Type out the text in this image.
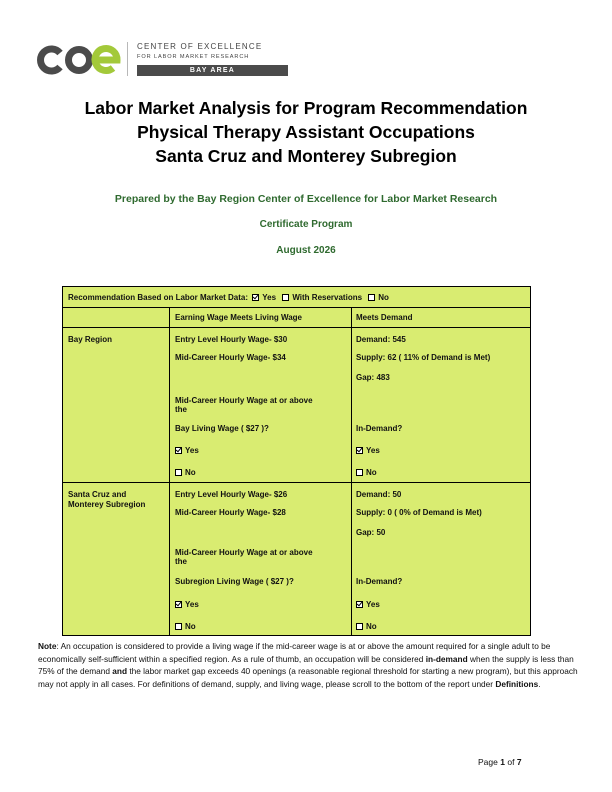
CENTER OF EXCELLENCE
FOR LABOR MARKET RESEARCH
BAY AREA
Labor Market Analysis for Program Recommendation
Physical Therapy Assistant Occupations
Santa Cruz and Monterey Subregion
Prepared by the Bay Region Center of Excellence for Labor Market Research
Certificate Program
August 2026
Recommendation Based on Labor Market Data: Yes With Reservations No
Earning Wage Meets Living Wage	Meets Demand
Bay Region	Entry Level Hourly Wage- $30
Mid-Career Hourly Wage- $34
Mid-Career Hourly Wage at or above
the
Bay Living Wage ( $27 )?
Yes
No
Demand: 545
Supply: 62 ( 11% of Demand is Met)
Gap: 483
In-Demand?
Yes
No
Santa Cruz and
Monterey Subregion
Entry Level Hourly Wage- $26
Mid-Career Hourly Wage- $28
Mid-Career Hourly Wage at or above
the
Subregion Living Wage ( $27 )?
Yes
No
Demand: 50
Supply: 0 ( 0% of Demand is Met)
Gap: 50
In-Demand?
Yes
No
Note: An occupation is considered to provide a living wage if the mid-career wage is at or above the amount required for a single adult to be economically self-sufficient within a specified region. As a rule of thumb, an occupation will be considered in-demand when the supply is less than 75% of the demand and the labor market gap exceeds 40 openings (a reasonable regional threshold for starting a new program), but this approach may not apply in all cases. For definitions of demand, supply, and living wage, please scroll to the bottom of the report under Definitions.
Page 1 of 7
